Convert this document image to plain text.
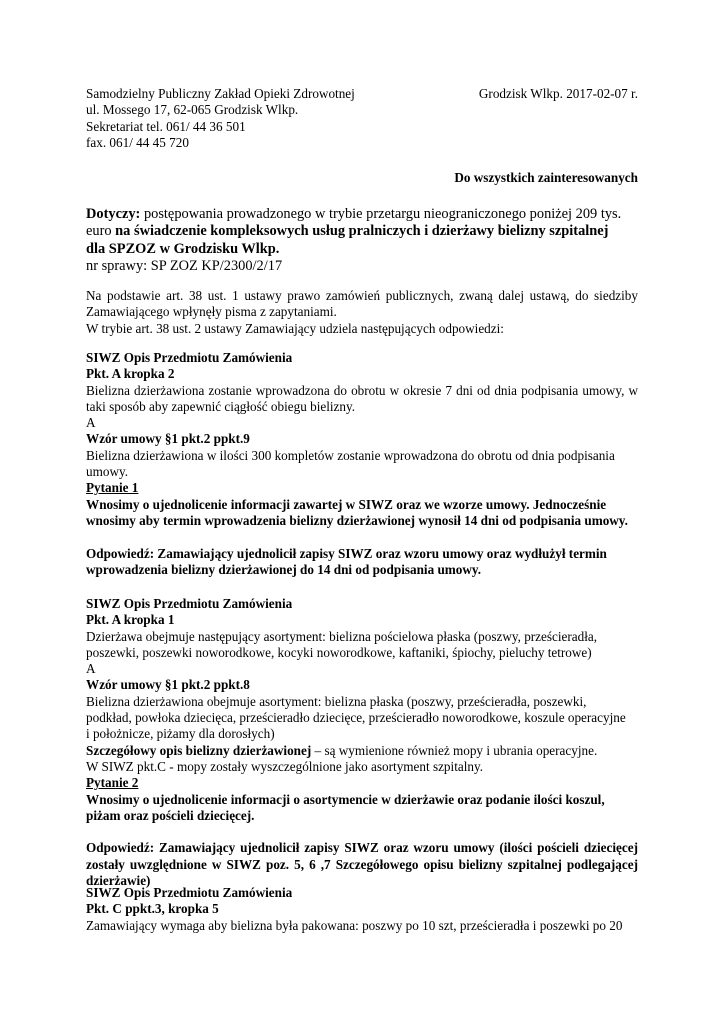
Samodzielny Publiczny Zakład Opieki Zdrowotnej
ul. Mossego 17, 62-065 Grodzisk Wlkp.
Sekretariat tel. 061/ 44 36 501
fax. 061/ 44 45 720
Grodzisk Wlkp. 2017-02-07 r.
Do wszystkich zainteresowanych
Dotyczy: postępowania prowadzonego w trybie przetargu nieograniczonego poniżej 209 tys.
euro na świadczenie kompleksowych usług pralniczych i dzierżawy bielizny szpitalnej
dla SPZOZ w Grodzisku Wlkp.
nr sprawy: SP ZOZ KP/2300/2/17
Na podstawie art. 38 ust. 1 ustawy prawo zamówień publicznych, zwaną dalej ustawą, do siedziby
Zamawiającego wpłynęły pisma z zapytaniami.
W trybie art. 38 ust. 2 ustawy Zamawiający udziela następujących odpowiedzi:
SIWZ Opis Przedmiotu Zamówienia
Pkt. A kropka 2
Bielizna dzierżawiona zostanie wprowadzona do obrotu w okresie 7 dni od dnia podpisania umowy, w
taki sposób aby zapewnić ciągłość obiegu bielizny.
A
Wzór umowy §1 pkt.2 ppkt.9
Bielizna dzierżawiona w ilości 300 kompletów zostanie wprowadzona do obrotu od dnia podpisania
umowy.
Pytanie 1
Wnosimy o ujednolicenie informacji zawartej w SIWZ oraz we wzorze umowy. Jednocześnie
wnosimy aby termin wprowadzenia bielizny dzierżawionej wynosił 14 dni od podpisania umowy.

Odpowiedź: Zamawiający ujednolicił zapisy SIWZ oraz wzoru umowy oraz wydłużył termin
wprowadzenia bielizny dzierżawionej do 14 dni od podpisania umowy.
SIWZ Opis Przedmiotu Zamówienia
Pkt. A kropka 1
Dzierżawa obejmuje następujący asortyment: bielizna pościelowa płaska (poszwy, prześcieradła,
poszewki, poszewki noworodkowe, kocyki noworodkowe, kaftaniki, śpiochy, pieluchy tetrowe)
A
Wzór umowy §1 pkt.2 ppkt.8
Bielizna dzierżawiona obejmuje asortyment: bielizna płaska (poszwy, prześcieradła, poszewki,
podkład, powłoka dziecięca, prześcieradło dziecięce, prześcieradło noworodkowe, koszule operacyjne
i położnicze, piżamy dla dorosłych)
Szczegółowy opis bielizny dzierżawionej – są wymienione również mopy i ubrania operacyjne.
W SIWZ pkt.C - mopy zostały wyszczególnione jako asortyment szpitalny.
Pytanie 2
Wnosimy o ujednolicenie informacji o asortymencie w dzierżawie oraz podanie ilości koszul,
piżam oraz pościeli dziecięcej.

Odpowiedź: Zamawiający ujednolicił zapisy SIWZ oraz wzoru umowy (ilości pościeli dziecięcej
zostały uwzględnione w SIWZ poz. 5, 6 ,7 Szczegółowego opisu bielizny szpitalnej podlegającej
dzierżawie)
SIWZ Opis Przedmiotu Zamówienia
Pkt. C ppkt.3, kropka 5
Zamawiający wymaga aby bielizna była pakowana: poszwy po 10 szt, prześcieradła i poszewki po 20
